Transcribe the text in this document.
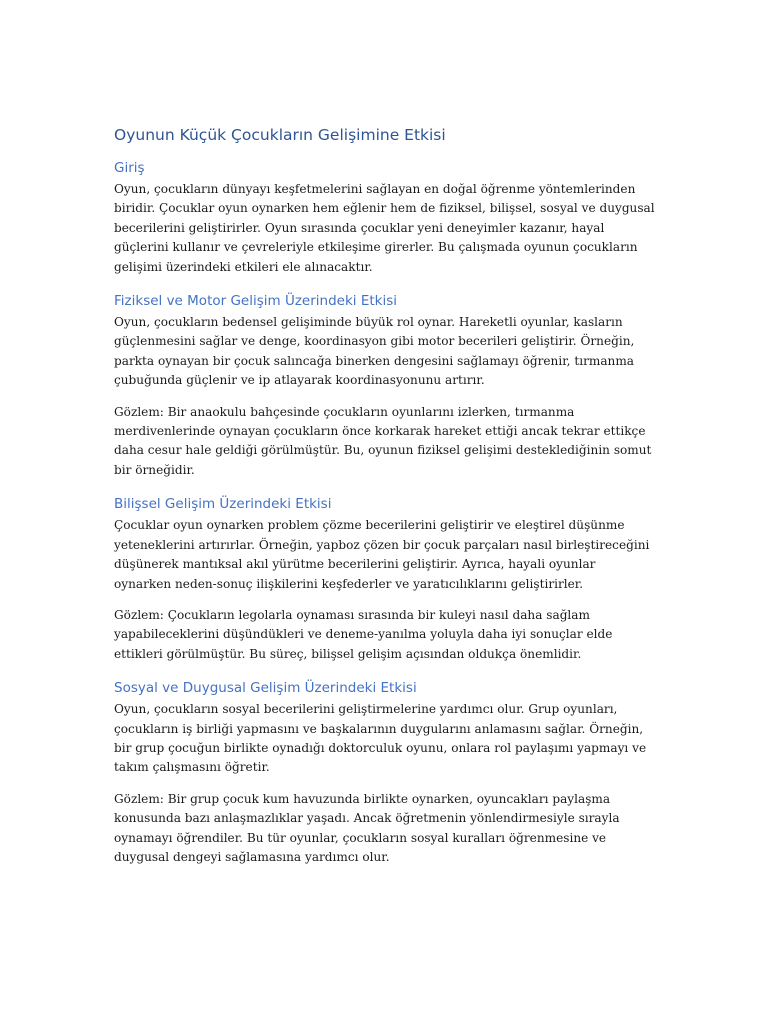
Oyunun Küçük Çocukların Gelişimine Etkisi
Giriş

Oyun, çocukların dünyayı keşfetmelerini sağlayan en doğal öğrenme yöntemlerinden biridir. Çocuklar oyun oynarken hem eğlenir hem de fiziksel, bilişsel, sosyal ve duygusal becerilerini geliştirirler. Oyun sırasında çocuklar yeni deneyimler kazanır, hayal güçlerini kullanır ve çevreleriyle etkileşime girerler. Bu çalışmada oyunun çocukların gelişimi üzerindeki etkileri ele alınacaktır.

Fiziksel ve Motor Gelişim Üzerindeki Etkisi

Oyun, çocukların bedensel gelişiminde büyük rol oynar. Hareketli oyunlar, kasların güçlenmesini sağlar ve denge, koordinasyon gibi motor becerileri geliştirir. Örneğin, parkta oynayan bir çocuk salıncağa binerken dengesini sağlamayı öğrenir, tırmanma çubuğunda güçlenir ve ip atlayarak koordinasyonunu artırır.

Gözlem: Bir anaokulu bahçesinde çocukların oyunlarını izlerken, tırmanma merdivenlerinde oynayan çocukların önce korkarak hareket ettiği ancak tekrar ettikçe daha cesur hale geldiği görülmüştür. Bu, oyunun fiziksel gelişimi desteklediğinin somut bir örneğidir.

Bilişsel Gelişim Üzerindeki Etkisi

Çocuklar oyun oynarken problem çözme becerilerini geliştirir ve eleştirel düşünme yeteneklerini artırırlar. Örneğin, yapboz çözen bir çocuk parçaları nasıl birleştireceğini düşünerek mantıksal akıl yürütme becerilerini geliştirir. Ayrıca, hayali oyunlar oynarken neden-sonuç ilişkilerini keşfederler ve yaratıcılıklarını geliştirirler.

Gözlem: Çocukların legolarla oynaması sırasında bir kuleyi nasıl daha sağlam yapabileceklerini düşündükleri ve deneme-yanılma yoluyla daha iyi sonuçlar elde ettikleri görülmüştür. Bu süreç, bilişsel gelişim açısından oldukça önemlidir.

Sosyal ve Duygusal Gelişim Üzerindeki Etkisi

Oyun, çocukların sosyal becerilerini geliştirmelerine yardımcı olur. Grup oyunları, çocukların iş birliği yapmasını ve başkalarının duygularını anlamasını sağlar. Örneğin, bir grup çocuğun birlikte oynadığı doktorculuk oyunu, onlara rol paylaşımı yapmayı ve takım çalışmasını öğretir.

Gözlem: Bir grup çocuk kum havuzunda birlikte oynarken, oyuncakları paylaşma konusunda bazı anlaşmazlıklar yaşadı. Ancak öğretmenin yönlendirmesiyle sırayla oynamayı öğrendiler. Bu tür oyunlar, çocukların sosyal kuralları öğrenmesine ve duygusal dengeyi sağlamasına yardımcı olur.
